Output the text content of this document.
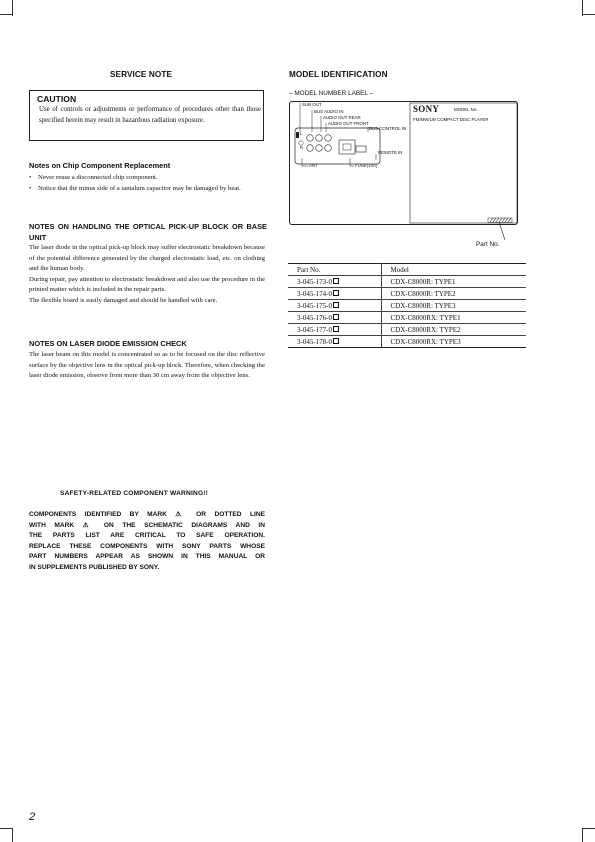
SERVICE NOTE
CAUTION
Use of controls or adjustments or performance of procedures other than those specified herein may result in hazardous radiation exposure.
Notes on Chip Component Replacement
•	Never reuse a disconnected chip component.
•	Notice that the minus side of a tantalum capacitor may be damaged by heat.
NOTES ON HANDLING THE OPTICAL PICK-UP BLOCK OR BASE UNIT
The laser diode in the optical pick-up block may suffer electrostatic breakdown because of the potential difference generated by the charged electrostatic load, etc. on clothing and the human body.
During repair, pay attention to electrostatic breakdown and also use the procedure in the printed matter which is included in the repair parts.
The flexible board is easily damaged and should be handled with care.
NOTES ON LASER DIODE EMISSION CHECK
The laser beam on this model is concentrated so as to be focused on the disc reflective surface by the objective lens in the optical pick-up block. Therefore, when checking the laser diode emission, observe from more than 30 cm away from the objective lens.
SAFETY-RELATED COMPONENT WARNING!!
COMPONENTS IDENTIFIED BY MARK ⚠ OR DOTTED LINE
WITH MARK ⚠ ON THE SCHEMATIC DIAGRAMS AND IN
THE PARTS LIST ARE CRITICAL TO SAFE OPERATION.
REPLACE THESE COMPONENTS WITH SONY PARTS WHOSE
PART NUMBERS APPEAR AS SHOWN IN THIS MANUAL OR
IN SUPPLEMENTS PUBLISHED BY SONY.
MODEL IDENTIFICATION
– MODEL NUMBER LABEL –
SUB OUT
BUS AUDIO IN
AUDIO OUT REAR
AUDIO OUT FRONT
BUS CONTROL IN
REMOTE IN
ANT	FUSE(10A)
L
R
SONY	MODEL No.
FM/MW/LW COMPACT DISC PLAYER
Part No.
Part No.	Model
3-045-173-0	CDX-C8000R: TYPE1
3-045-174-0	CDX-C8000R: TYPE2
3-045-175-0	CDX-C8000R: TYPE3
3-045-176-0	CDX-C8000RX: TYPE1
3-045-177-0	CDX-C8000RX: TYPE2
3-045-178-0	CDX-C8000RX: TYPE3
2
